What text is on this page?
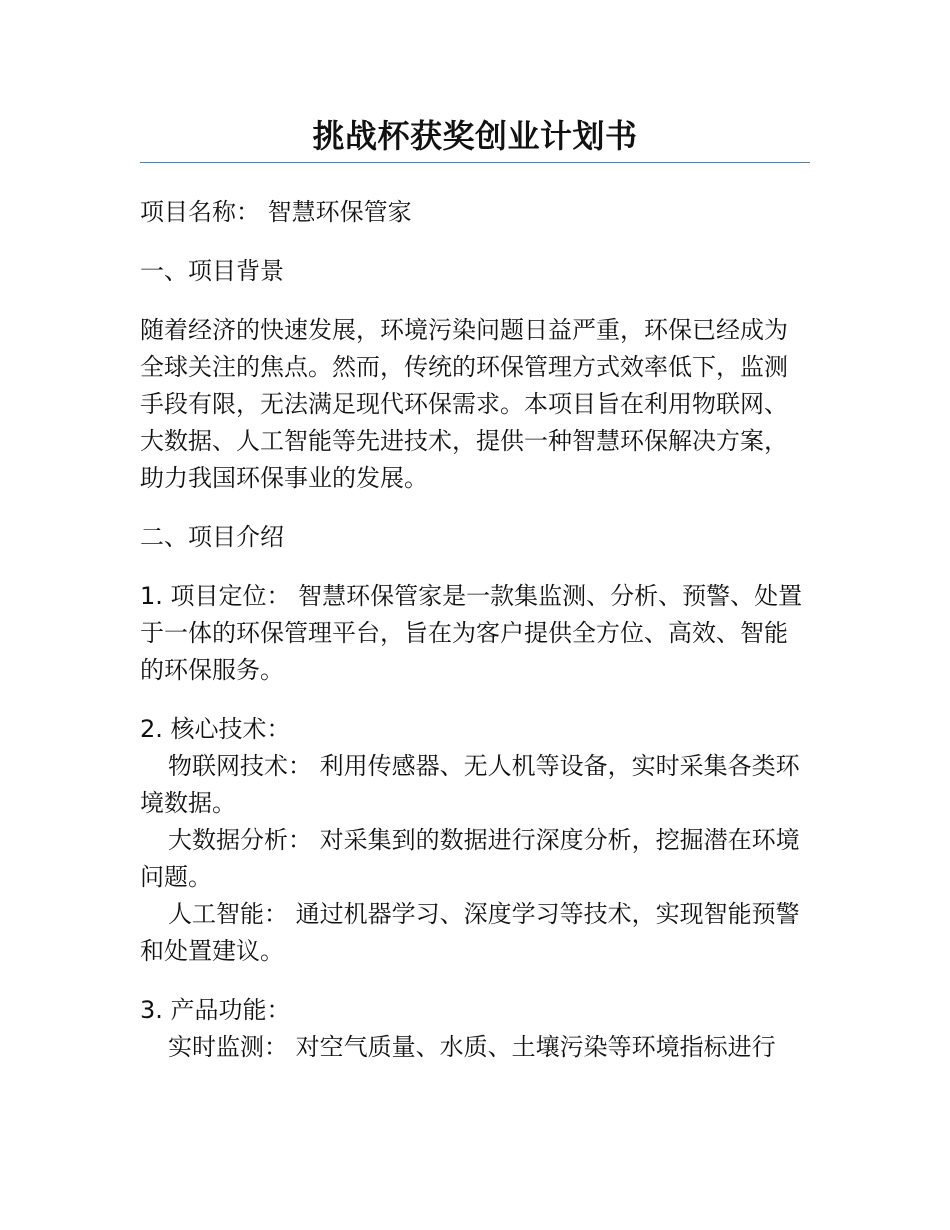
挑战杯获奖创业计划书

项目名称： 智慧环保管家

一、项目背景

随着经济的快速发展，环境污染问题日益严重，环保已经成为全球关注的焦点。然而，传统的环保管理方式效率低下，监测手段有限，无法满足现代环保需求。本项目旨在利用物联网、大数据、人工智能等先进技术，提供一种智慧环保解决方案，助力我国环保事业的发展。

二、项目介绍

1. 项目定位： 智慧环保管家是一款集监测、分析、预警、处置于一体的环保管理平台，旨在为客户提供全方位、高效、智能的环保服务。

2. 核心技术：

物联网技术： 利用传感器、无人机等设备，实时采集各类环境数据。

大数据分析： 对采集到的数据进行深度分析，挖掘潜在环境问题。

人工智能： 通过机器学习、深度学习等技术，实现智能预警和处置建议。

3. 产品功能：

实时监测： 对空气质量、水质、土壤污染等环境指标进行
